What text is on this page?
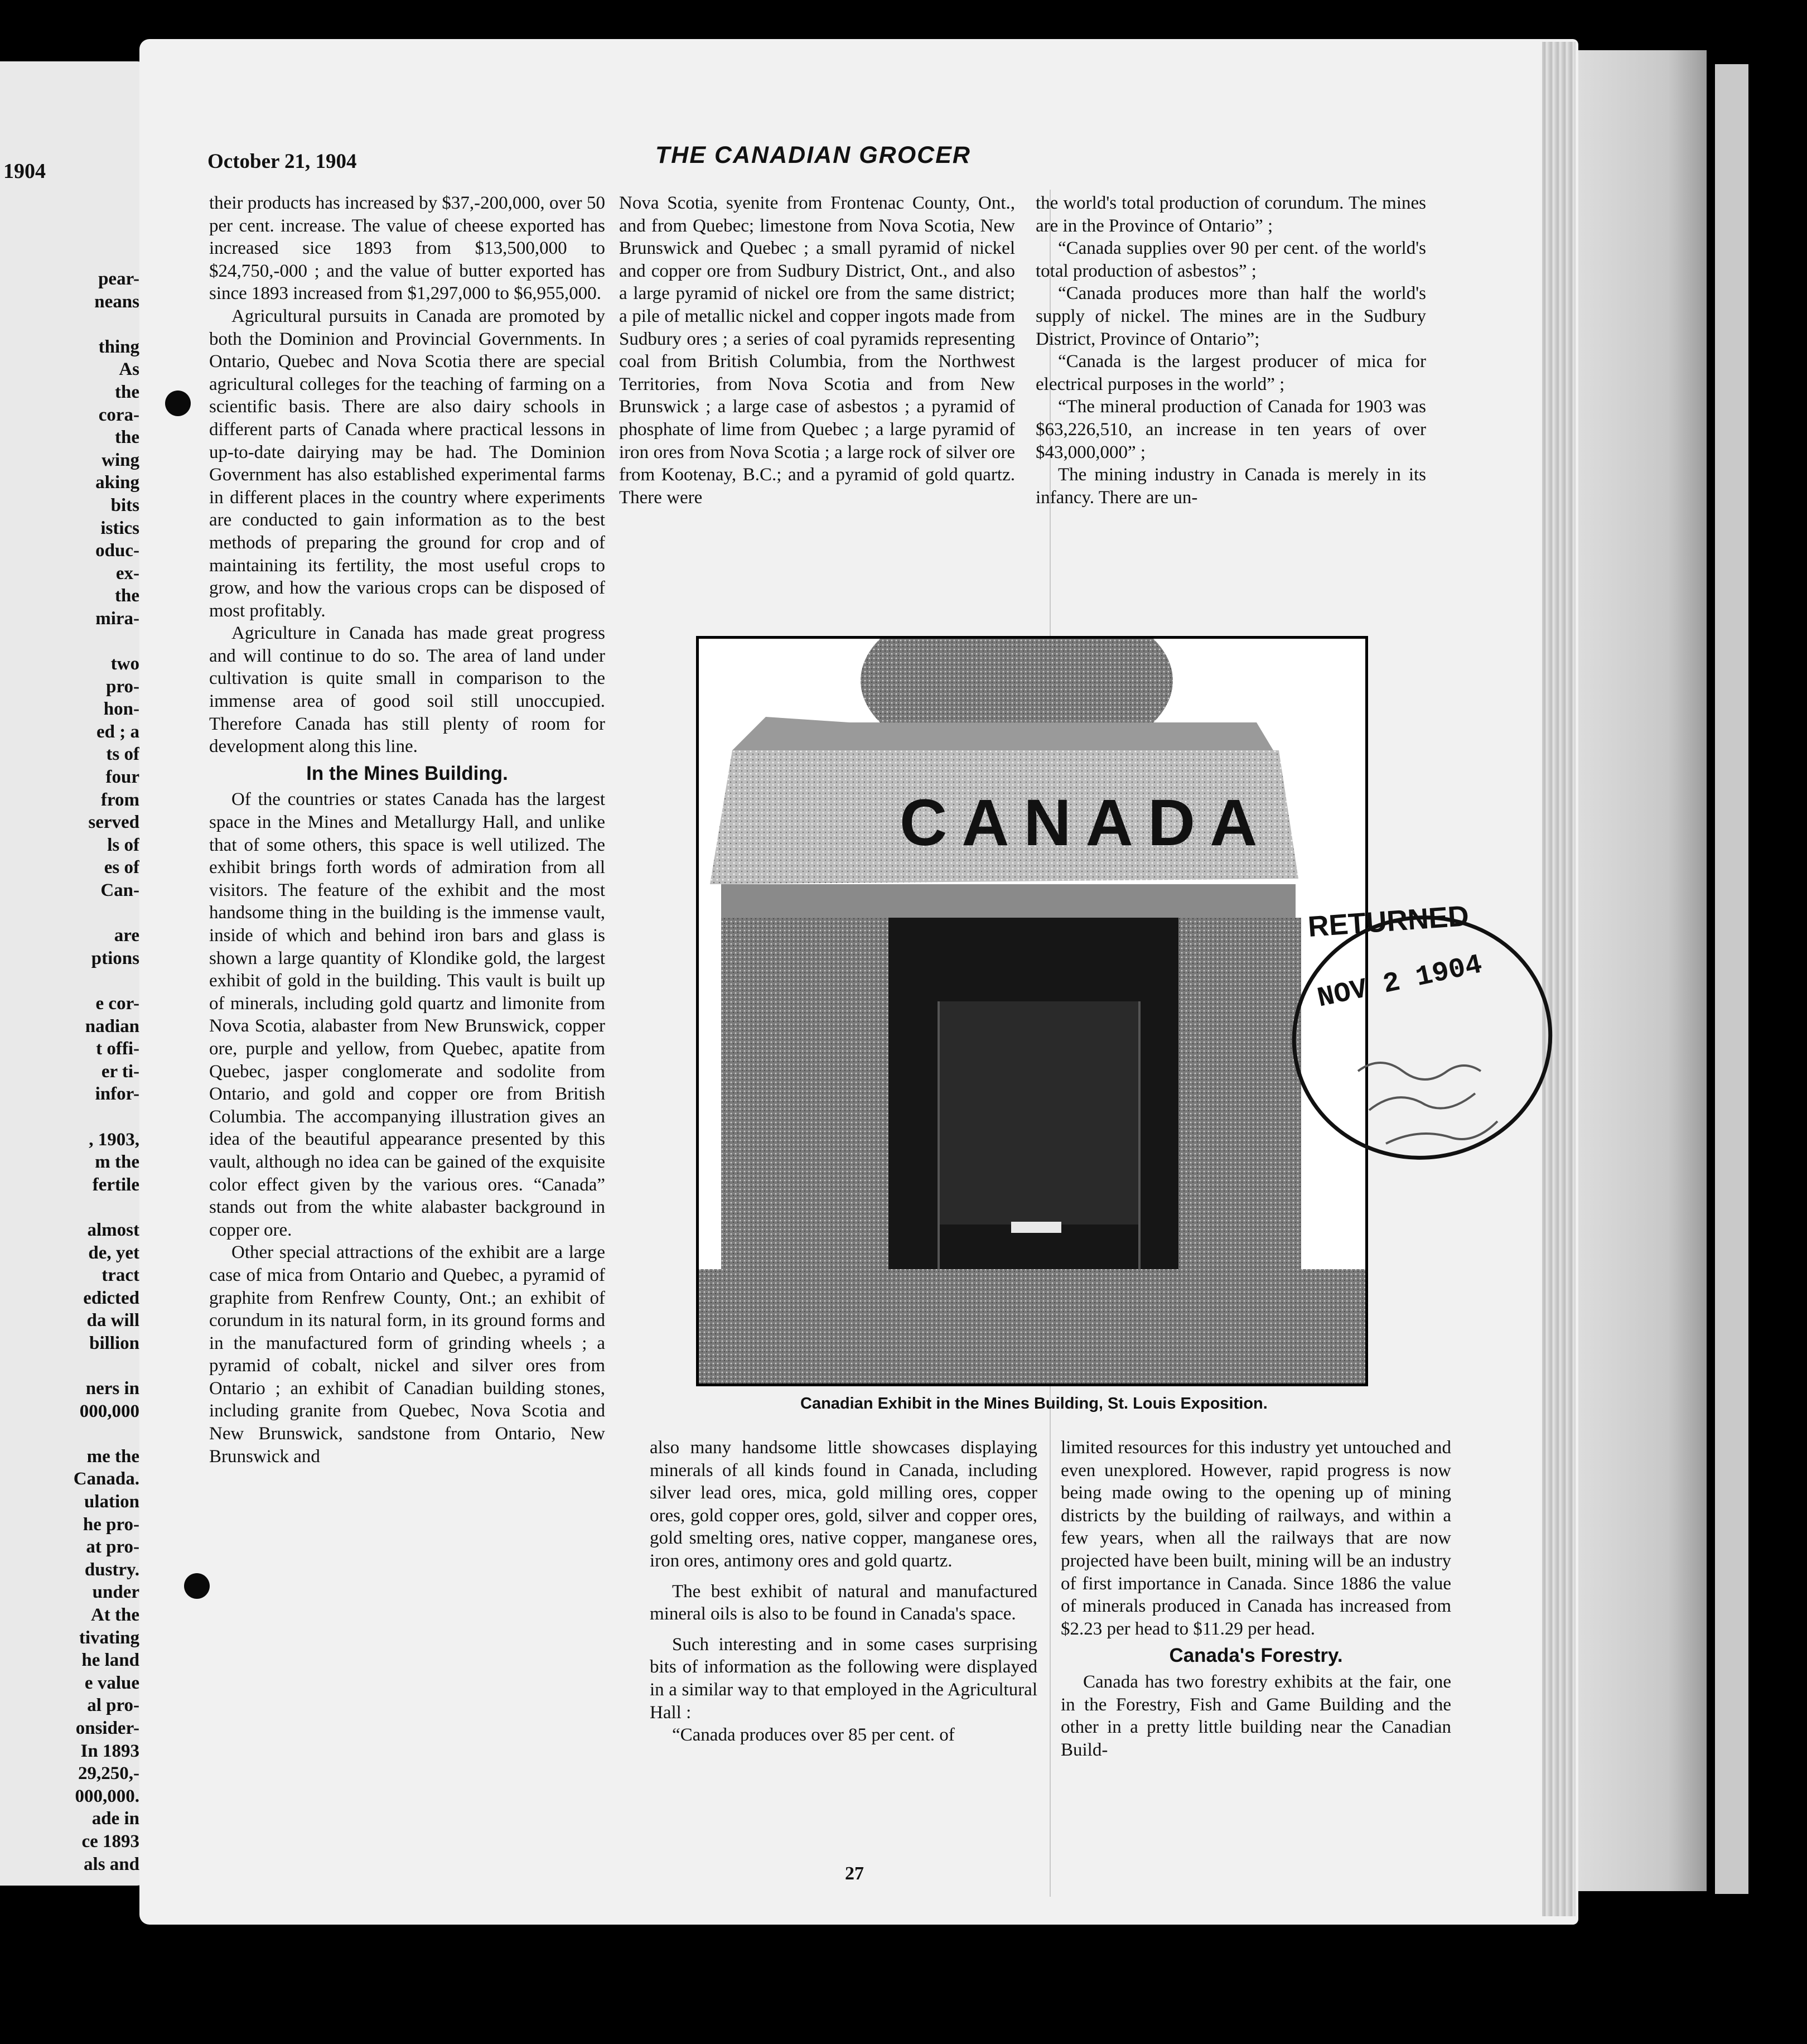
1904
pear-
neans

thing
As
the
cora-
the
wing
aking
bits
istics
oduc-
ex-
the
mira-

two
pro-
hon-
ed ; a
ts of
four
from
served
ls of
es of
Can-

are
ptions

e cor-
nadian
t offi-
er ti-
infor-

, 1903,
m the
fertile

almost
de, yet
tract
edicted
da will
billion

ners in
000,000

me the
Canada.
ulation
he pro-
at pro-
dustry.
under
At the
tivating
he land
e value
al pro-
onsider-
In 1893
29,250,-
000,000.
ade in
ce 1893
als and
October 21, 1904	THE CANADIAN GROCER

their products has increased by $37,-200,000, over 50 per cent. increase. The value of cheese exported has increased sice 1893 from $13,500,000 to $24,750,-000 ; and the value of butter exported has since 1893 increased from $1,297,000 to $6,955,000.

Agricultural pursuits in Canada are promoted by both the Dominion and Provincial Governments. In Ontario, Quebec and Nova Scotia there are special agricultural colleges for the teaching of farming on a scientific basis. There are also dairy schools in different parts of Canada where practical lessons in up-to-date dairying may be had. The Dominion Government has also established experimental farms in different places in the country where experiments are conducted to gain information as to the best methods of preparing the ground for crop and of maintaining its fertility, the most useful crops to grow, and how the various crops can be disposed of most profitably.

Agriculture in Canada has made great progress and will continue to do so. The area of land under cultivation is quite small in comparison to the immense area of good soil still unoccupied. Therefore Canada has still plenty of room for development along this line.

In the Mines Building.

Of the countries or states Canada has the largest space in the Mines and Metallurgy Hall, and unlike that of some others, this space is well utilized. The exhibit brings forth words of admiration from all visitors. The feature of the exhibit and the most handsome thing in the building is the immense vault, inside of which and behind iron bars and glass is shown a large quantity of Klondike gold, the largest exhibit of gold in the building. This vault is built up of minerals, including gold quartz and limonite from Nova Scotia, alabaster from New Brunswick, copper ore, purple and yellow, from Quebec, apatite from Quebec, jasper conglomerate and sodolite from Ontario, and gold and copper ore from British Columbia. The accompanying illustration gives an idea of the beautiful appearance presented by this vault, although no idea can be gained of the exquisite color effect given by the various ores. “Canada” stands out from the white alabaster background in copper ore.

Other special attractions of the exhibit are a large case of mica from Ontario and Quebec, a pyramid of graphite from Renfrew County, Ont.; an exhibit of corundum in its natural form, in its ground forms and in the manufactured form of grinding wheels ; a pyramid of cobalt, nickel and silver ores from Ontario ; an exhibit of Canadian building stones, including granite from Quebec, Nova Scotia and New Brunswick, sandstone from Ontario, New Brunswick and

Nova Scotia, syenite from Frontenac County, Ont., and from Quebec; limestone from Nova Scotia, New Brunswick and Quebec ; a small pyramid of nickel and copper ore from Sudbury District, Ont., and also a large pyramid of nickel ore from the same district; a pile of metallic nickel and copper ingots made from Sudbury ores ; a series of coal pyramids representing coal from British Columbia, from the Northwest Territories, from Nova Scotia and from New Brunswick ; a large case of asbestos ; a pyramid of phosphate of lime from Quebec ; a large pyramid of iron ores from Nova Scotia ; a large rock of silver ore from Kootenay, B.C.; and a pyramid of gold quartz. There were

the world's total production of corundum. The mines are in the Province of Ontario” ;

“Canada supplies over 90 per cent. of the world's total production of asbestos” ;

“Canada produces more than half the world's supply of nickel. The mines are in the Sudbury District, Province of Ontario”;

“Canada is the largest producer of mica for electrical purposes in the world” ;

“The mineral production of Canada for 1903 was $63,226,510, an increase in ten years of over $43,000,000” ;

The mining industry in Canada is merely in its infancy. There are un-

CANADA
Canadian Exhibit in the Mines Building, St. Louis Exposition.

also many handsome little showcases displaying minerals of all kinds found in Canada, including silver lead ores, mica, gold milling ores, copper ores, gold copper ores, gold, silver and copper ores, gold smelting ores, native copper, manganese ores, iron ores, antimony ores and gold quartz.

The best exhibit of natural and manufactured mineral oils is also to be found in Canada's space.

Such interesting and in some cases surprising bits of information as the following were displayed in a similar way to that employed in the Agricultural Hall :

“Canada produces over 85 per cent. of

limited resources for this industry yet untouched and even unexplored. However, rapid progress is now being made owing to the opening up of mining districts by the building of railways, and within a few years, when all the railways that are now projected have been built, mining will be an industry of first importance in Canada. Since 1886 the value of minerals produced in Canada has increased from $2.23 per head to $11.29 per head.

Canada's Forestry.

Canada has two forestry exhibits at the fair, one in the Forestry, Fish and Game Building and the other in a pretty little building near the Canadian Build-

RETURNED
NOV 2 1904
27
